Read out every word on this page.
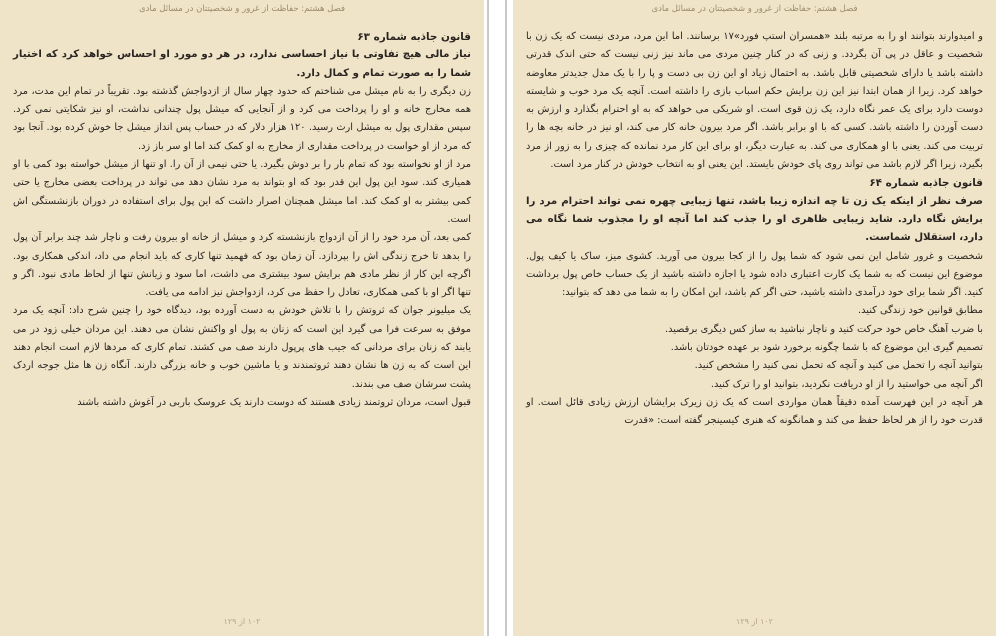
فصل هشتم: حفاظت از غرور و شخصیتتان در مسائل مادی

قانون جاذبه شماره ۶۳

نیاز مالی هیچ تفاوتی با نیاز احساسی ندارد، در هر دو مورد او احساس خواهد کرد که اختیار شما را به صورت تمام و کمال دارد.

زن دیگری را به نام میشل می شناختم که حدود چهار سال از ازدواجش گذشته بود. تقریباً در تمام این مدت، مرد همه مخارج خانه و او را پرداخت می کرد و از آنجایی که میشل پول چندانی نداشت، او نیز شکایتی نمی کرد. سپس مقداری پول به میشل ارث رسید. ۱۲۰ هزار دلار که در حساب پس انداز میشل جا خوش کرده بود. آنجا بود که مرد از او خواست در پرداخت مقداری از مخارج به او کمک کند اما او سر باز زد.

مرد از او نخواسته بود که تمام بار را بر دوش بگیرد. یا حتی نیمی از آن را. او تنها از میشل خواسته بود کمی با او همیاری کند. سود این پول این قدر بود که او بتواند به مرد نشان دهد می تواند در پرداخت بعضی مخارج یا حتی کمی بیشتر به او کمک کند. اما میشل همچنان اصرار داشت که این پول برای استفاده در دوران بازنشستگی اش است.

کمی بعد، آن مرد خود را از آن ازدواج بازنشسته کرد و میشل از خانه او بیرون رفت و ناچار شد چند برابر آن پول را بدهد تا خرج زندگی اش را بپردازد. آن زمان بود که فهمید تنها کاری که باید انجام می داد، اندکی همکاری بود. اگرچه این کار از نظر مادی هم برایش سود بیشتری می داشت، اما سود و زیانش تنها از لحاظ مادی نبود. اگر و تنها اگر او با کمی همکاری، تعادل را حفظ می کرد، ازدواجش نیز ادامه می یافت.

یک میلیونر جوان که ثروتش را با تلاش خودش به دست آورده بود، دیدگاه خود را چنین شرح داد: آنچه یک مرد موفق به سرعت فرا می گیرد این است که زنان به پول او واکنش نشان می دهند. این مردان خیلی زود در می یابند که زنان برای مردانی که جیب های پرپول دارند صف می کشند. تمام کاری که مردها لازم است انجام دهند این است که به زن ها نشان دهند ثروتمندند و یا ماشین خوب و خانه بزرگی دارند. آنگاه زن ها مثل جوجه اردک پشت سرشان صف می بندند.

قبول است، مردان ثروتمند زیادی هستند که دوست دارند یک عروسک باربی در آغوش داشته باشند

۱۰۲ از ۱۲۹
فصل هشتم: حفاظت از غرور و شخصیتتان در مسائل مادی

و امیدوارند بتوانند او را به مرتبه بلند «همسران استپ فورد»۱۷ برسانند. اما این مرد، مردی نیست که یک زن با شخصیت و عاقل در پی آن بگردد. و زنی که در کنار چنین مردی می ماند نیز زنی نیست که حتی اندک قدرتی داشته باشد یا دارای شخصیتی قابل باشد. به احتمال زیاد او این زن بی دست و پا را با یک مدل جدیدتر معاوضه خواهد کرد. زیرا از همان ابتدا نیز این زن برایش حکم اسباب بازی را داشته است. آنچه یک مرد خوب و شایسته دوست دارد برای یک عمر نگاه دارد، یک زن قوی است. او شریکی می خواهد که به او احترام بگذارد و ارزش به دست آوردن را داشته باشد. کسی که با او برابر باشد. اگر مرد بیرون خانه کار می کند، او نیز در خانه بچه ها را تربیت می کند. یعنی با او همکاری می کند. به عبارت دیگر، او برای این کار مرد نمانده که چیزی را به زور از مرد بگیرد، زیرا اگر لازم باشد می تواند روی پای خودش بایستد. این یعنی او به انتخاب خودش در کنار مرد است.

قانون جاذبه شماره ۶۴

صرف نظر از اینکه یک زن تا چه اندازه زیبا باشد، تنها زیبایی چهره نمی تواند احترام مرد را برایش نگاه دارد. شاید زیبایی ظاهری او را جذب کند اما آنچه او را مجذوب شما نگاه می دارد، استقلال شماست.

شخصیت و غرور شامل این نمی شود که شما پول را از کجا بیرون می آورید. کشوی میز، ساک یا کیف پول. موضوع این نیست که به شما یک کارت اعتباری داده شود یا اجازه داشته باشید از یک حساب خاص پول برداشت کنید. اگر شما برای خود درآمدی داشته باشید، حتی اگر کم باشد، این امکان را به شما می دهد که بتوانید:

مطابق قوانین خود زندگی کنید.

با ضرب آهنگ خاص خود حرکت کنید و ناچار نباشید به ساز کس دیگری برقصید.

تصمیم گیری این موضوع که با شما چگونه برخورد شود بر عهده خودتان باشد.

بتوانید آنچه را تحمل می کنید و آنچه که تحمل نمی کنید را مشخص کنید.

اگر آنچه می خواستید را از او دریافت نکردید، بتوانید او را ترک کنید.

هر آنچه در این فهرست آمده دقیقاً همان مواردی است که یک زن زیرک برایشان ارزش زیادی قائل است. او قدرت خود را از هر لحاظ حفظ می کند و همانگونه که هنری کیسینجر گفته است: «قدرت

۱۰۲ از ۱۲۹
